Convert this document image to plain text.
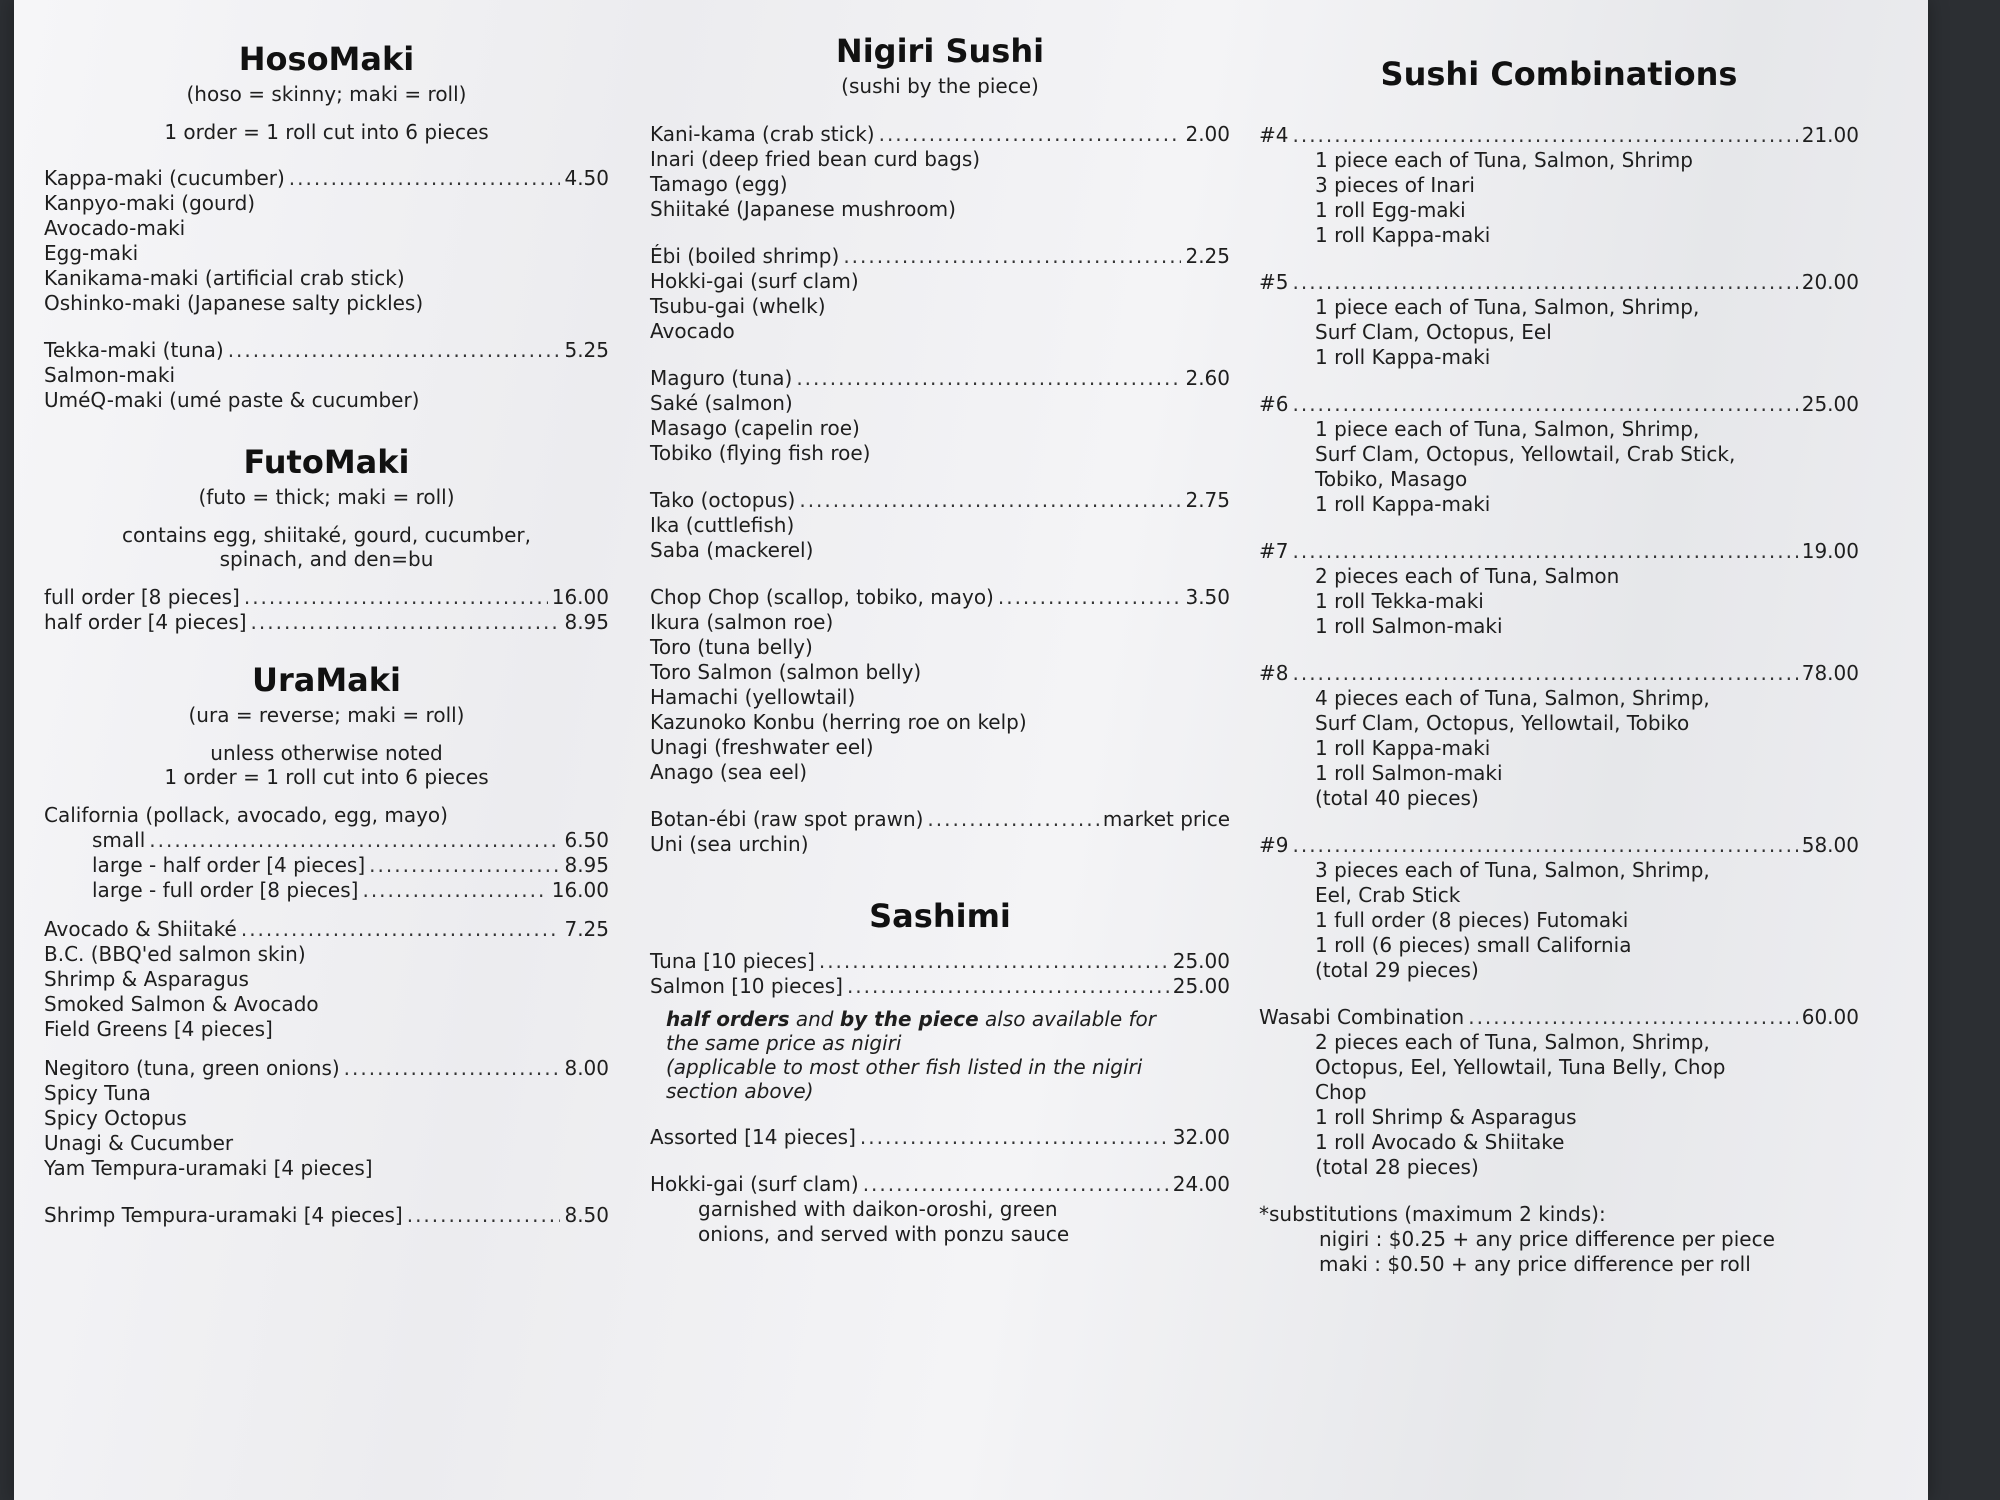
HosoMaki
(hoso = skinny; maki = roll)
1 order = 1 roll cut into 6 pieces
Kappa-maki (cucumber) .....	4.50
Kanpyo-maki (gourd)
Avocado-maki
Egg-maki
Kanikama-maki (artificial crab stick)
Oshinko-maki (Japanese salty pickles)
Tekka-maki (tuna) .....	5.25
Salmon-maki
UméQ-maki (umé paste & cucumber)
FutoMaki
(futo = thick; maki = roll)
contains egg, shiitaké, gourd, cucumber,
spinach, and den=bu
full order [8 pieces] .....	16.00
half order [4 pieces] .....	8.95
UraMaki
(ura = reverse; maki = roll)
unless otherwise noted
1 order = 1 roll cut into 6 pieces
California (pollack, avocado, egg, mayo)
small .....	6.50
large - half order [4 pieces] .....	8.95
large - full order [8 pieces] .....	16.00
Avocado & Shiitaké .....	7.25
B.C. (BBQ'ed salmon skin)
Shrimp & Asparagus
Smoked Salmon & Avocado
Field Greens [4 pieces]
Negitoro (tuna, green onions) .....	8.00
Spicy Tuna
Spicy Octopus
Unagi & Cucumber
Yam Tempura-uramaki [4 pieces]
Shrimp Tempura-uramaki [4 pieces] .....	8.50
Nigiri Sushi
(sushi by the piece)
Kani-kama (crab stick) .....	2.00
Inari (deep fried bean curd bags)
Tamago (egg)
Shiitaké (Japanese mushroom)
Ébi (boiled shrimp) .....	2.25
Hokki-gai (surf clam)
Tsubu-gai (whelk)
Avocado
Maguro (tuna) .....	2.60
Saké (salmon)
Masago (capelin roe)
Tobiko (flying fish roe)
Tako (octopus) .....	2.75
Ika (cuttlefish)
Saba (mackerel)
Chop Chop (scallop, tobiko, mayo) .....	3.50
Ikura (salmon roe)
Toro (tuna belly)
Toro Salmon (salmon belly)
Hamachi (yellowtail)
Kazunoko Konbu (herring roe on kelp)
Unagi (freshwater eel)
Anago (sea eel)
Botan-ébi (raw spot prawn) .....	market price
Uni (sea urchin)
Sashimi
Tuna [10 pieces] .....	25.00
Salmon [10 pieces] .....	25.00
half orders and by the piece also available for
the same price as nigiri
(applicable to most other fish listed in the nigiri
section above)
Assorted [14 pieces] .....	32.00
Hokki-gai (surf clam) .....	24.00
garnished with daikon-oroshi, green
onions, and served with ponzu sauce
Sushi Combinations
#4 .....	21.00
1 piece each of Tuna, Salmon, Shrimp
3 pieces of Inari
1 roll Egg-maki
1 roll Kappa-maki
#5 .....	20.00
1 piece each of Tuna, Salmon, Shrimp,
Surf Clam, Octopus, Eel
1 roll Kappa-maki
#6 .....	25.00
1 piece each of Tuna, Salmon, Shrimp,
Surf Clam, Octopus, Yellowtail, Crab Stick,
Tobiko, Masago
1 roll Kappa-maki
#7 .....	19.00
2 pieces each of Tuna, Salmon
1 roll Tekka-maki
1 roll Salmon-maki
#8 .....	78.00
4 pieces each of Tuna, Salmon, Shrimp,
Surf Clam, Octopus, Yellowtail, Tobiko
1 roll Kappa-maki
1 roll Salmon-maki
(total 40 pieces)
#9 .....	58.00
3 pieces each of Tuna, Salmon, Shrimp,
Eel, Crab Stick
1 full order (8 pieces) Futomaki
1 roll (6 pieces) small California
(total 29 pieces)
Wasabi Combination .....	60.00
2 pieces each of Tuna, Salmon, Shrimp,
Octopus, Eel, Yellowtail, Tuna Belly, Chop
Chop
1 roll Shrimp & Asparagus
1 roll Avocado & Shiitake
(total 28 pieces)
*substitutions (maximum 2 kinds):
nigiri : $0.25 + any price difference per piece
maki : $0.50 + any price difference per roll
